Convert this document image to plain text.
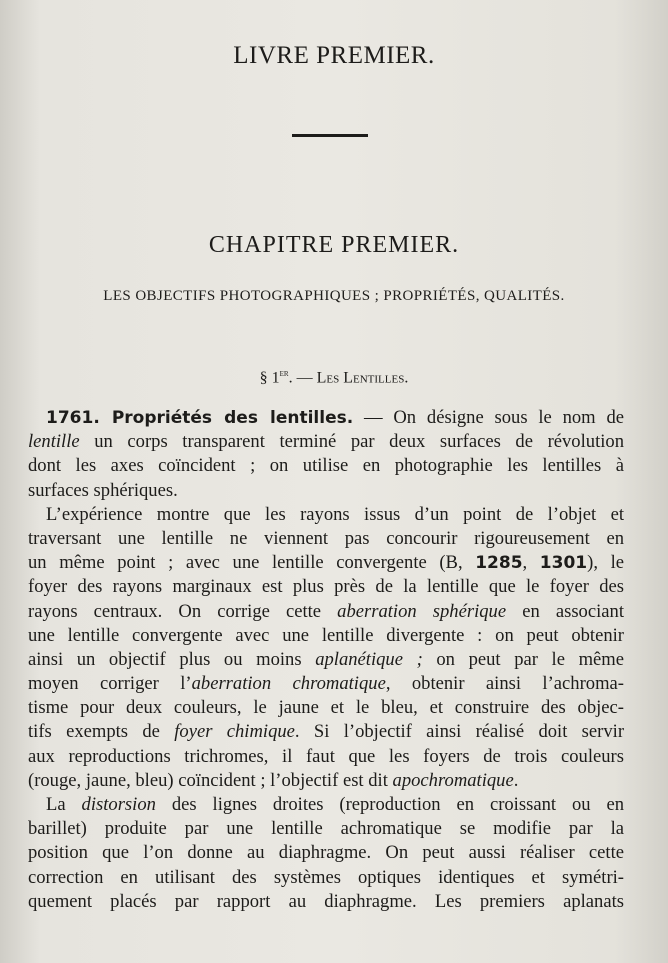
LIVRE PREMIER.
CHAPITRE PREMIER.
LES OBJECTIFS PHOTOGRAPHIQUES ; PROPRIÉTÉS, QUALITÉS.
§ 1er. — Les Lentilles.
1761. Propriétés des lentilles. — On désigne sous le nom de
lentille un corps transparent terminé par deux surfaces de révolution
dont les axes coïncident ; on utilise en photographie les lentilles à
surfaces sphériques.
L’expérience montre que les rayons issus d’un point de l’objet et
traversant une lentille ne viennent pas concourir rigoureusement en
un même point ; avec une lentille convergente (B, 1285, 1301), le
foyer des rayons marginaux est plus près de la lentille que le foyer des
rayons centraux. On corrige cette aberration sphérique en associant
une lentille convergente avec une lentille divergente : on peut obtenir
ainsi un objectif plus ou moins aplanétique ; on peut par le même
moyen corriger l’aberration chromatique, obtenir ainsi l’achroma-
tisme pour deux couleurs, le jaune et le bleu, et construire des objec-
tifs exempts de foyer chimique. Si l’objectif ainsi réalisé doit servir
aux reproductions trichromes, il faut que les foyers de trois couleurs
(rouge, jaune, bleu) coïncident ; l’objectif est dit apochromatique.
La distorsion des lignes droites (reproduction en croissant ou en
barillet) produite par une lentille achromatique se modifie par la
position que l’on donne au diaphragme. On peut aussi réaliser cette
correction en utilisant des systèmes optiques identiques et symétri-
quement placés par rapport au diaphragme. Les premiers aplanats
